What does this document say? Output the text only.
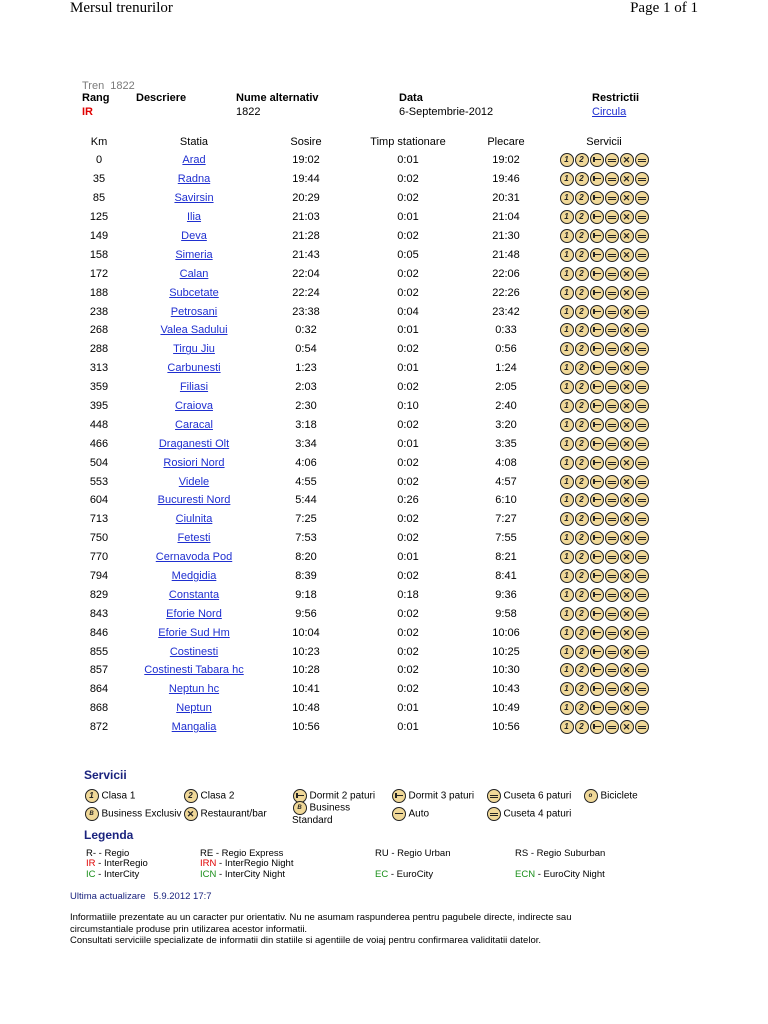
Mersul trenurilor	Page 1 of 1
Tren 1822
Rang Descriere	Nume alternativ	Data	Restrictii
IR	1822	6-Septembrie-2012	Circula
Km	Statia	Sosire	Timp stationare	Plecare	Servicii
0	Arad	19:02	0:01	19:02	1 2 ✕
35	Radna	19:44	0:02	19:46	1 2 ✕
85	Savirsin	20:29	0:02	20:31	1 2 ✕
125	Ilia	21:03	0:01	21:04	1 2 ✕
149	Deva	21:28	0:02	21:30	1 2 ✕
158	Simeria	21:43	0:05	21:48	1 2 ✕
172	Calan	22:04	0:02	22:06	1 2 ✕
188	Subcetate	22:24	0:02	22:26	1 2 ✕
238	Petrosani	23:38	0:04	23:42	1 2 ✕
268	Valea Sadului	0:32	0:01	0:33	1 2 ✕
288	Tirgu Jiu	0:54	0:02	0:56	1 2 ✕
313	Carbunesti	1:23	0:01	1:24	1 2 ✕
359	Filiasi	2:03	0:02	2:05	1 2 ✕
395	Craiova	2:30	0:10	2:40	1 2 ✕
448	Caracal	3:18	0:02	3:20	1 2 ✕
466	Draganesti Olt	3:34	0:01	3:35	1 2 ✕
504	Rosiori Nord	4:06	0:02	4:08	1 2 ✕
553	Videle	4:55	0:02	4:57	1 2 ✕
604	Bucuresti Nord	5:44	0:26	6:10	1 2 ✕
713	Ciulnita	7:25	0:02	7:27	1 2 ✕
750	Fetesti	7:53	0:02	7:55	1 2 ✕
770	Cernavoda Pod	8:20	0:01	8:21	1 2 ✕
794	Medgidia	8:39	0:02	8:41	1 2 ✕
829	Constanta	9:18	0:18	9:36	1 2 ✕
843	Eforie Nord	9:56	0:02	9:58	1 2 ✕
846	Eforie Sud Hm	10:04	0:02	10:06	1 2 ✕
855	Costinesti	10:23	0:02	10:25	1 2 ✕
857	Costinesti Tabara hc	10:28	0:02	10:30	1 2 ✕
864	Neptun hc	10:41	0:02	10:43	1 2 ✕
868	Neptun	10:48	0:01	10:49	1 2 ✕
872	Mangalia	10:56	0:01	10:56	1 2 ✕
Servicii
1 Clasa 1	2 Clasa 2	Dormit 2 paturi	Dormit 3 paturi	Cuseta 6 paturi	o Biciclete
B Business Exclusiv ✕ Restaurant/bar
B Business
Standard
Auto	Cuseta 4 paturi
Legenda
R- - Regio	RE - Regio Express	RU - Regio Urban	RS - Regio Suburban
IR - InterRegio	IRN - InterRegio Night
IC - InterCity	ICN - InterCity Night	EC - EuroCity	ECN - EuroCity Night
Ultima actualizare 5.9.2012 17:7
Informatiile prezentate au un caracter pur orientativ. Nu ne asumam raspunderea pentru pagubele directe, indirecte sau
circumstantiale produse prin utilizarea acestor informatii.
Consultati serviciile specializate de informatii din statiile si agentiile de voiaj pentru confirmarea validitatii datelor.
